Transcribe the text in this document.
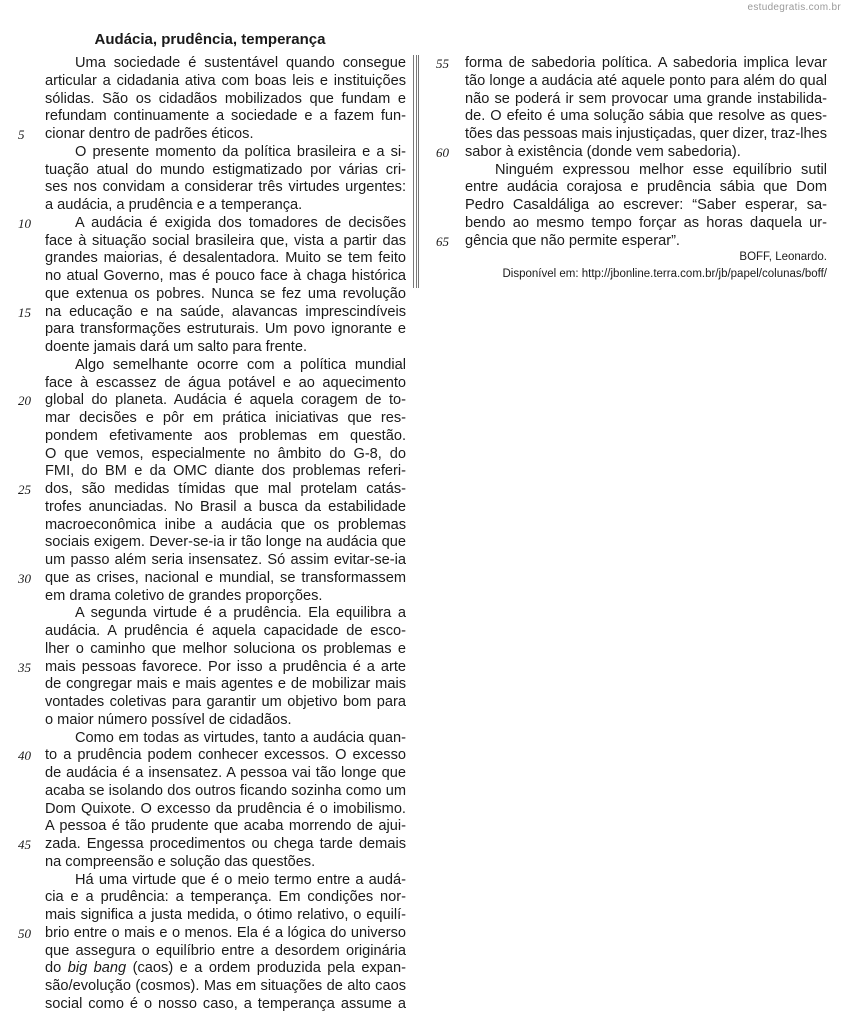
estudegratis.com.br
Audácia, prudência, temperança
Uma sociedade é sustentável quando consegue
articular a cidadania ativa com boas leis e instituições
sólidas. São os cidadãos mobilizados que fundam e
refundam continuamente a sociedade e a fazem fun-
5 cionar dentro de padrões éticos.
O presente momento da política brasileira e a si-
tuação atual do mundo estigmatizado por várias cri-
ses nos convidam a considerar três virtudes urgentes:
a audácia, a prudência e a temperança.
10	A audácia é exigida dos tomadores de decisões
face à situação social brasileira que, vista a partir das
grandes maiorias, é desalentadora. Muito se tem feito
no atual Governo, mas é pouco face à chaga histórica
que extenua os pobres. Nunca se fez uma revolução
15 na educação e na saúde, alavancas imprescindíveis
para transformações estruturais. Um povo ignorante e
doente jamais dará um salto para frente.
Algo semelhante ocorre com a política mundial
face à escassez de água potável e ao aquecimento
20 global do planeta. Audácia é aquela coragem de to-
mar decisões e pôr em prática iniciativas que res-
pondem efetivamente aos problemas em questão.
O que vemos, especialmente no âmbito do G-8, do
FMI, do BM e da OMC diante dos problemas referi-
25 dos, são medidas tímidas que mal protelam catás-
trofes anunciadas. No Brasil a busca da estabilidade
macroeconômica inibe a audácia que os problemas
sociais exigem. Dever-se-ia ir tão longe na audácia que
um passo além seria insensatez. Só assim evitar-se-ia
30 que as crises, nacional e mundial, se transformassem
em drama coletivo de grandes proporções.
A segunda virtude é a prudência. Ela equilibra a
audácia. A prudência é aquela capacidade de esco-
lher o caminho que melhor soluciona os problemas e
35 mais pessoas favorece. Por isso a prudência é a arte
de congregar mais e mais agentes e de mobilizar mais
vontades coletivas para garantir um objetivo bom para
o maior número possível de cidadãos.
Como em todas as virtudes, tanto a audácia quan-
40 to a prudência podem conhecer excessos. O excesso
de audácia é a insensatez. A pessoa vai tão longe que
acaba se isolando dos outros ficando sozinha como um
Dom Quixote. O excesso da prudência é o imobilismo.
A pessoa é tão prudente que acaba morrendo de ajui-
45 zada. Engessa procedimentos ou chega tarde demais
na compreensão e solução das questões.
Há uma virtude que é o meio termo entre a audá-
cia e a prudência: a temperança. Em condições nor-
mais significa a justa medida, o ótimo relativo, o equilí-
50 brio entre o mais e o menos. Ela é a lógica do universo
que assegura o equilíbrio entre a desordem originária
do big bang (caos) e a ordem produzida pela expan-
são/evolução (cosmos). Mas em situações de alto caos
social como é o nosso caso, a temperança assume a
55 forma de sabedoria política. A sabedoria implica levar
tão longe a audácia até aquele ponto para além do qual
não se poderá ir sem provocar uma grande instabilida-
de. O efeito é uma solução sábia que resolve as ques-
tões das pessoas mais injustiçadas, quer dizer, traz-lhes
60 sabor à existência (donde vem sabedoria).
Ninguém expressou melhor esse equilíbrio sutil
entre audácia corajosa e prudência sábia que Dom
Pedro Casaldáliga ao escrever: “Saber esperar, sa-
bendo ao mesmo tempo forçar as horas daquela ur-
65 gência que não permite esperar”.
BOFF, Leonardo.
Disponível em: http://jbonline.terra.com.br/jb/papel/colunas/boff/
